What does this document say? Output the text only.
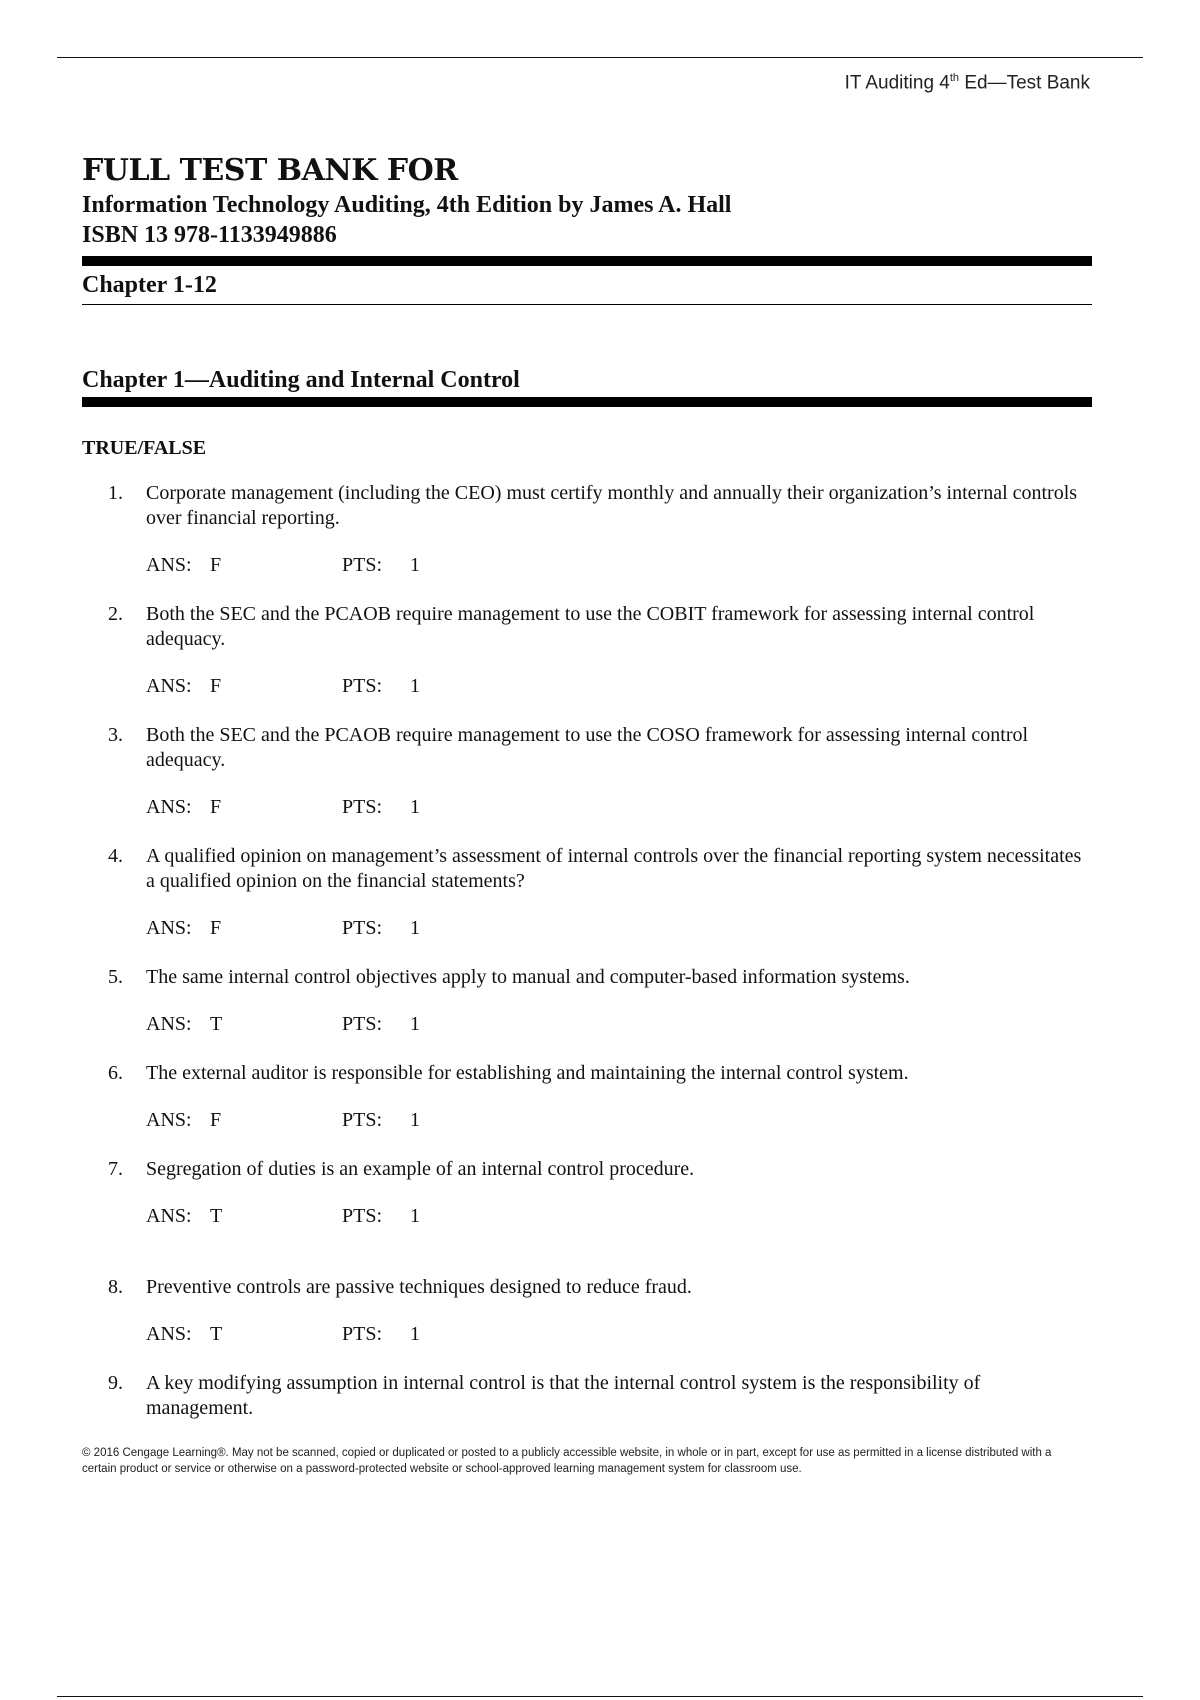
IT Auditing 4th Ed—Test Bank
FULL TEST BANK FOR

Information Technology Auditing, 4th Edition by James A. Hall

ISBN 13 978-1133949886

Chapter 1-12

Chapter 1—Auditing and Internal Control

TRUE/FALSE

1. Corporate management (including the CEO) must certify monthly and annually their organization’s internal controls over financial reporting.
ANS: F	PTS: 1
2. Both the SEC and the PCAOB require management to use the COBIT framework for assessing internal control adequacy.
ANS: F	PTS: 1
3. Both the SEC and the PCAOB require management to use the COSO framework for assessing internal control adequacy.
ANS: F	PTS: 1
4. A qualified opinion on management’s assessment of internal controls over the financial reporting system necessitates a qualified opinion on the financial statements?
ANS: F	PTS: 1
5. The same internal control objectives apply to manual and computer-based information systems.
ANS: T	PTS: 1
6. The external auditor is responsible for establishing and maintaining the internal control system.
ANS: F	PTS: 1
7. Segregation of duties is an example of an internal control procedure.
ANS: T	PTS: 1
8. Preventive controls are passive techniques designed to reduce fraud.
ANS: T	PTS: 1
9. A key modifying assumption in internal control is that the internal control system is the responsibility of management.
© 2016 Cengage Learning®. May not be scanned, copied or duplicated or posted to a publicly accessible website, in whole or in part, except for use as permitted in a license distributed with a certain product or service or otherwise on a password-protected website or school-approved learning management system for classroom use.
